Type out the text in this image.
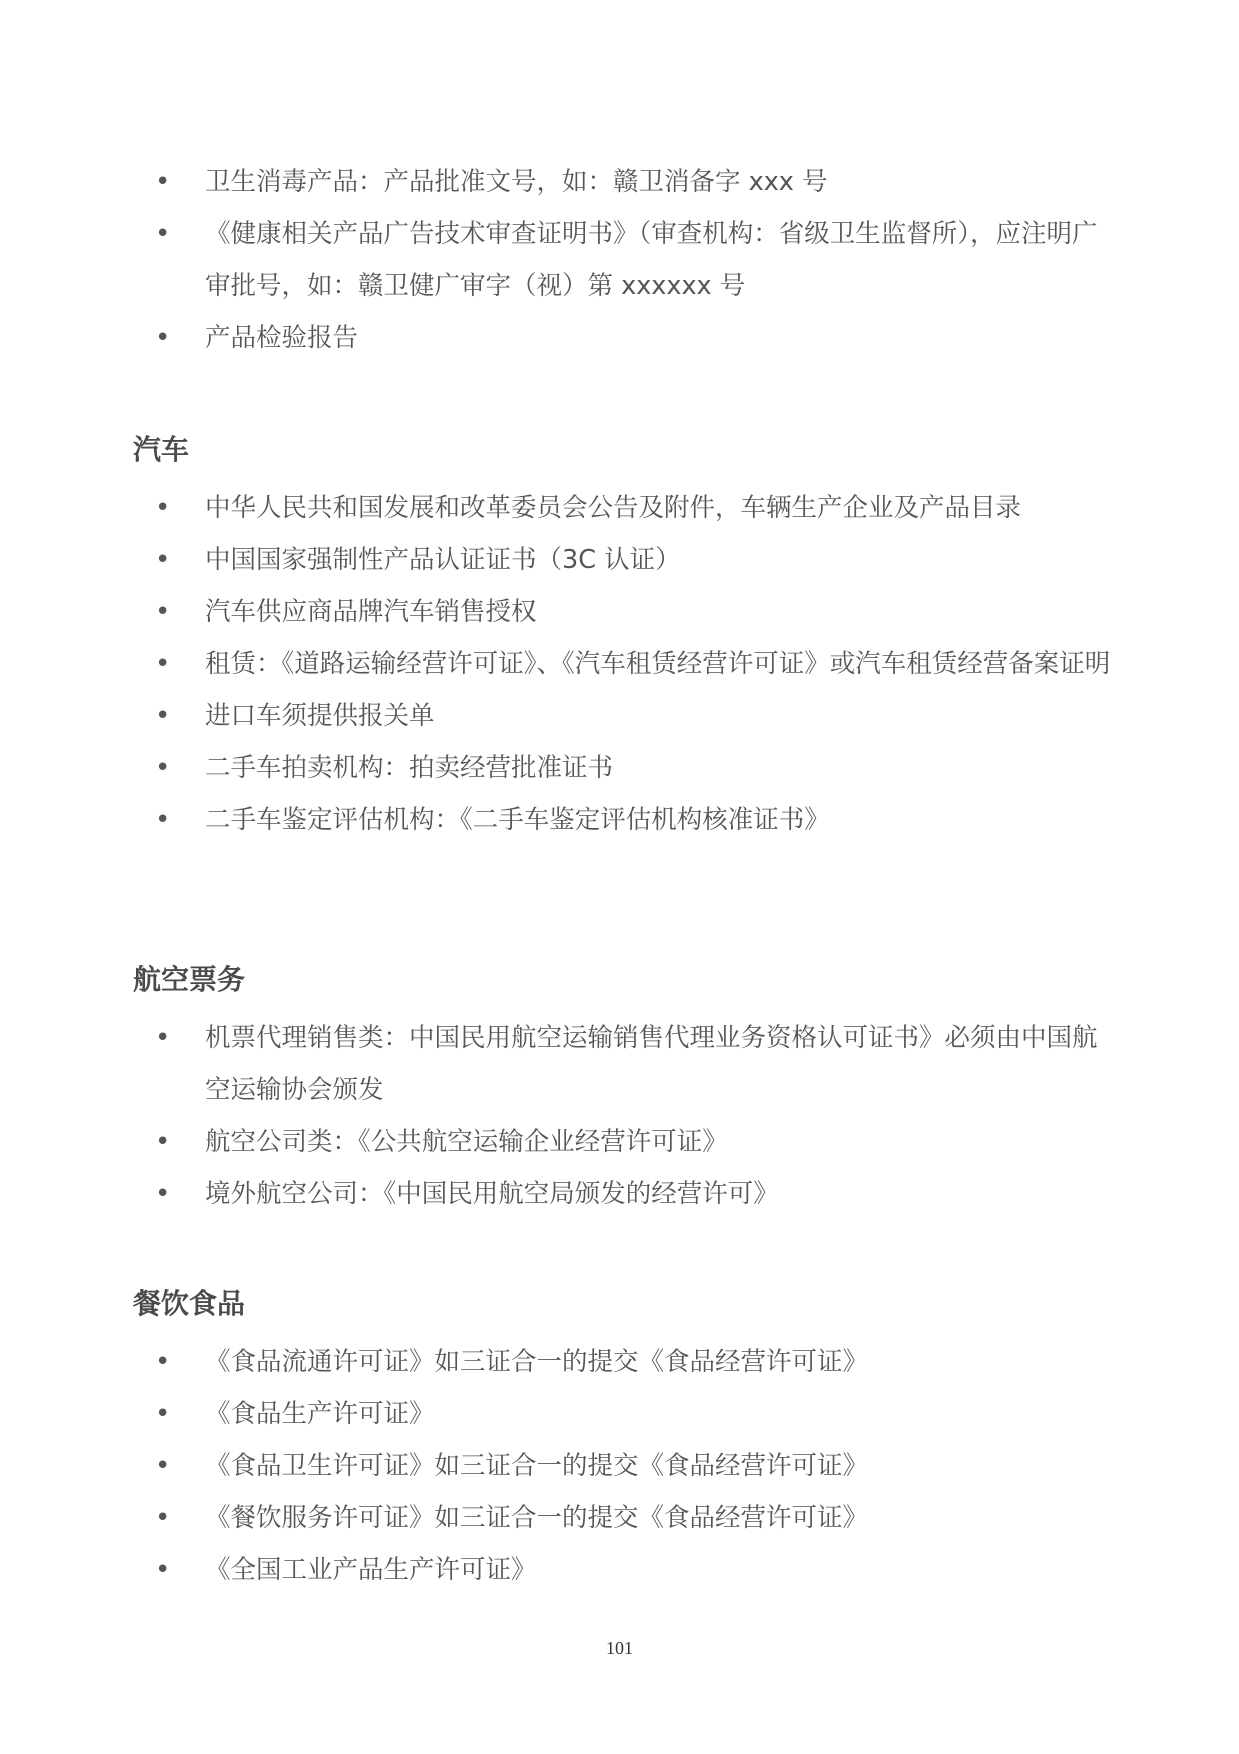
• 卫生消毒产品：产品批准文号，如：赣卫消备字 xxx 号
• 《健康相关产品广告技术审查证明书》（审查机构：省级卫生监督所），应注明广审批号，如：赣卫健广审字（视）第 xxxxxx 号
• 产品检验报告
汽车
• 中华人民共和国发展和改革委员会公告及附件，车辆生产企业及产品目录
• 中国国家强制性产品认证证书（3C 认证）
• 汽车供应商品牌汽车销售授权
• 租赁：《道路运输经营许可证》、《汽车租赁经营许可证》或汽车租赁经营备案证明
• 进口车须提供报关单
• 二手车拍卖机构：拍卖经营批准证书
• 二手车鉴定评估机构：《二手车鉴定评估机构核准证书》
航空票务
• 机票代理销售类：中国民用航空运输销售代理业务资格认可证书》必须由中国航空运输协会颁发
• 航空公司类：《公共航空运输企业经营许可证》
• 境外航空公司：《中国民用航空局颁发的经营许可》
餐饮食品
• 《食品流通许可证》如三证合一的提交《食品经营许可证》
• 《食品生产许可证》
• 《食品卫生许可证》如三证合一的提交《食品经营许可证》
• 《餐饮服务许可证》如三证合一的提交《食品经营许可证》
• 《全国工业产品生产许可证》
101
